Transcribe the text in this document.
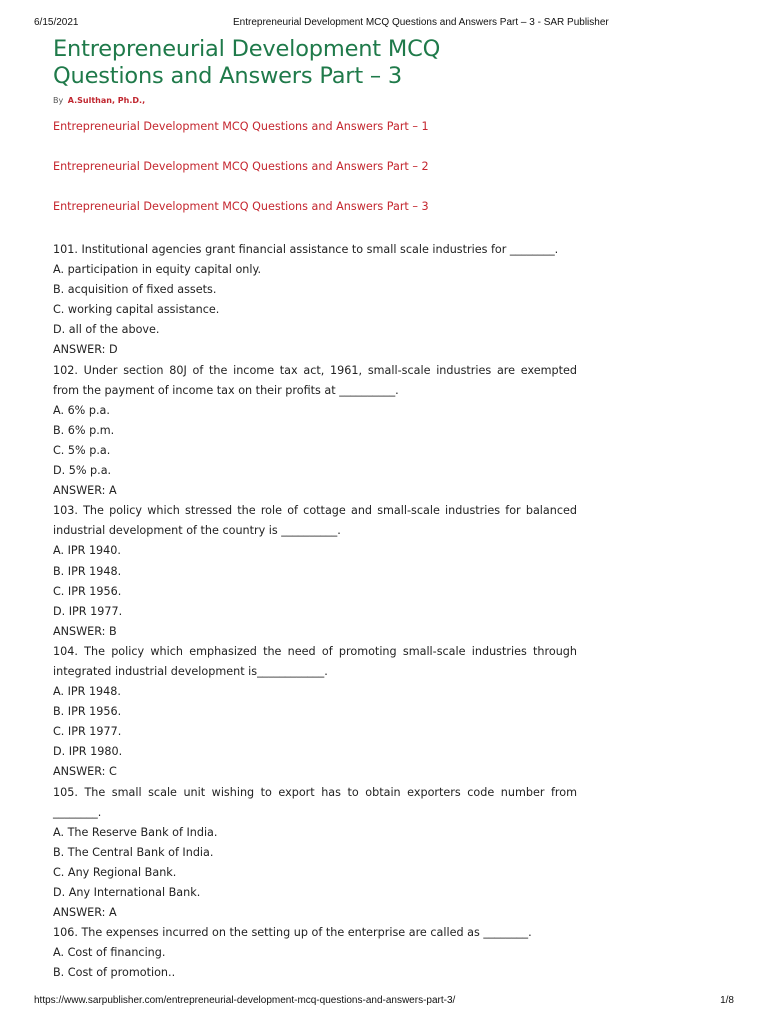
6/15/2021	Entrepreneurial Development MCQ Questions and Answers Part – 3 - SAR Publisher
Entrepreneurial Development MCQ
Questions and Answers Part – 3
By A.Sulthan, Ph.D.,
Entrepreneurial Development MCQ Questions and Answers Part – 1
Entrepreneurial Development MCQ Questions and Answers Part – 2
Entrepreneurial Development MCQ Questions and Answers Part – 3
101. Institutional agencies grant financial assistance to small scale industries for ________.
A. participation in equity capital only.
B. acquisition of fixed assets.
C. working capital assistance.
D. all of the above.
ANSWER: D
102. Under section 80J of the income tax act, 1961, small-scale industries are exempted
from the payment of income tax on their profits at __________.
A. 6% p.a.
B. 6% p.m.
C. 5% p.a.
D. 5% p.a.
ANSWER: A
103. The policy which stressed the role of cottage and small-scale industries for balanced
industrial development of the country is __________.
A. IPR 1940.
B. IPR 1948.
C. IPR 1956.
D. IPR 1977.
ANSWER: B
104. The policy which emphasized the need of promoting small-scale industries through
integrated industrial development is____________.
A. IPR 1948.
B. IPR 1956.
C. IPR 1977.
D. IPR 1980.
ANSWER: C
105. The small scale unit wishing to export has to obtain exporters code number from
________.
A. The Reserve Bank of India.
B. The Central Bank of India.
C. Any Regional Bank.
D. Any International Bank.
ANSWER: A
106. The expenses incurred on the setting up of the enterprise are called as ________.
A. Cost of financing.
B. Cost of promotion..
https://www.sarpublisher.com/entrepreneurial-development-mcq-questions-and-answers-part-3/	1/8
